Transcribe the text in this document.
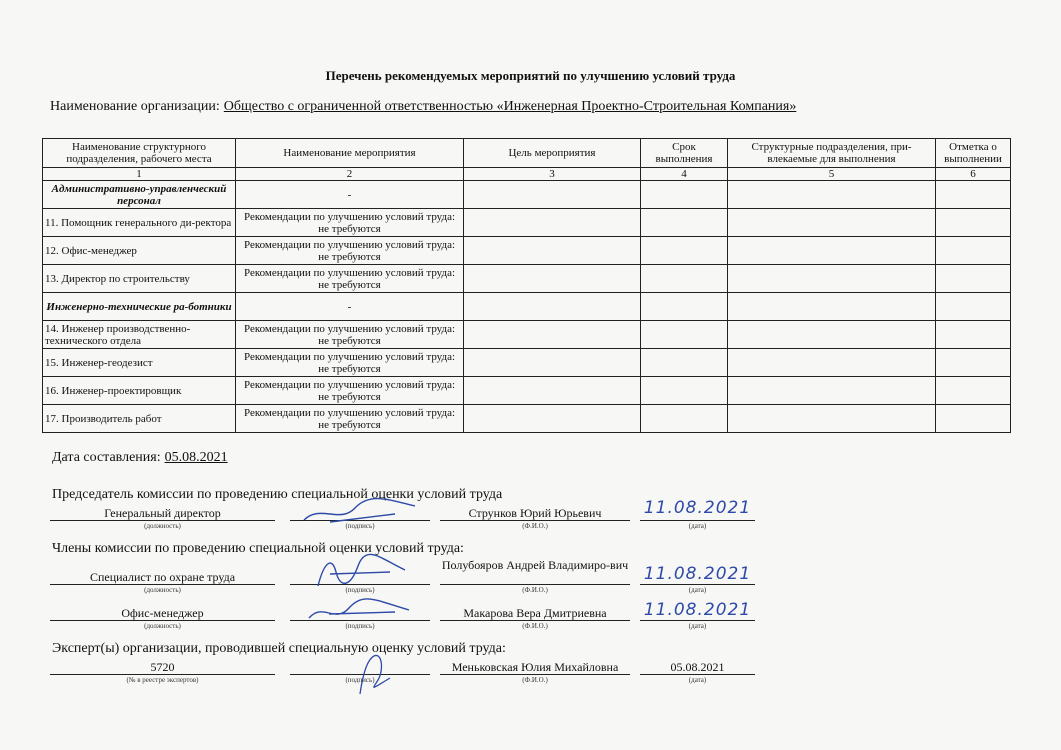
Перечень рекомендуемых мероприятий по улучшению условий труда
Наименование организации: Общество с ограниченной ответственностью «Инженерная Проектно-Строительная Компания»
Наименование структурного подразделения, рабочего места	Наименование мероприятия	Цель мероприятия	Срок выполнения	Структурные подразделения, при-влекаемые для выполнения	Отметка о выполнении
1	2	3	4	5	6
Административно-управленческий персонал	-				
11. Помощник генерального ди-ректора	Рекомендации по улучшению условий труда: не требуются				
12. Офис-менеджер	Рекомендации по улучшению условий труда: не требуются				
13. Директор по строительству	Рекомендации по улучшению условий труда: не требуются				
Инженерно-технические ра-ботники	-				
14. Инженер производственно-технического отдела	Рекомендации по улучшению условий труда: не требуются				
15. Инженер-геодезист	Рекомендации по улучшению условий труда: не требуются				
16. Инженер-проектировщик	Рекомендации по улучшению условий труда: не требуются				
17. Производитель работ	Рекомендации по улучшению условий труда: не требуются				
Дата составления: 05.08.2021
Председатель комиссии по проведению специальной оценки условий труда
Генеральный директор
(должность)	(подпись)
Струнков Юрий Юрьевич
(Ф.И.О.)
11.08.2021
(дата)
Члены комиссии по проведению специальной оценки условий труда:
Специалист по охране труда
(должность)	(подпись)
Полубояров Андрей Владимиро-вич
(Ф.И.О.)
11.08.2021
(дата)
Офис-менеджер
(должность)	(подпись)
Макарова Вера Дмитриевна
(Ф.И.О.)
11.08.2021
(дата)
Эксперт(ы) организации, проводившей специальную оценку условий труда:
5720
(№ в реестре экспертов)	(подпись)
Меньковская Юлия Михайловна
(Ф.И.О.)
05.08.2021
(дата)
